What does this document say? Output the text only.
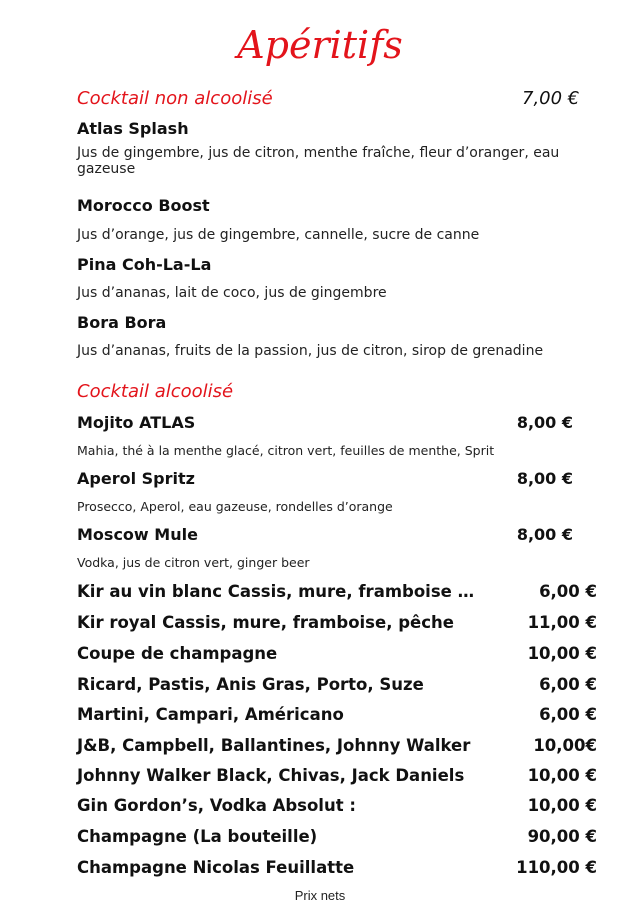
Apéritifs
Cocktail non alcoolisé	7,00 €
Atlas Splash
Jus de gingembre, jus de citron, menthe fraîche, fleur d’oranger, eau gazeuse
Morocco Boost
Jus d’orange, jus de gingembre, cannelle, sucre de canne
Pina Coh-La-La
Jus d’ananas, lait de coco, jus de gingembre
Bora Bora
Jus d’ananas, fruits de la passion, jus de citron, sirop de grenadine
Cocktail alcoolisé
Mojito ATLAS	8,00 €
Mahia, thé à la menthe glacé, citron vert, feuilles de menthe, Sprit
Aperol Spritz	8,00 €
Prosecco, Aperol, eau gazeuse, rondelles d’orange
Moscow Mule	8,00 €
Vodka, jus de citron vert, ginger beer
Kir au vin blanc Cassis, mure, framboise …	6,00 €
Kir royal Cassis, mure, framboise, pêche	11,00 €
Coupe de champagne	10,00 €
Ricard, Pastis, Anis Gras, Porto, Suze	6,00 €
Martini, Campari, Américano	6,00 €
J&B, Campbell, Ballantines, Johnny Walker	10,00€
Johnny Walker Black, Chivas, Jack Daniels	10,00 €
Gin Gordon’s, Vodka Absolut :	10,00 €
Champagne (La bouteille)	90,00 €
Champagne Nicolas Feuillatte	110,00 €
Prix nets
